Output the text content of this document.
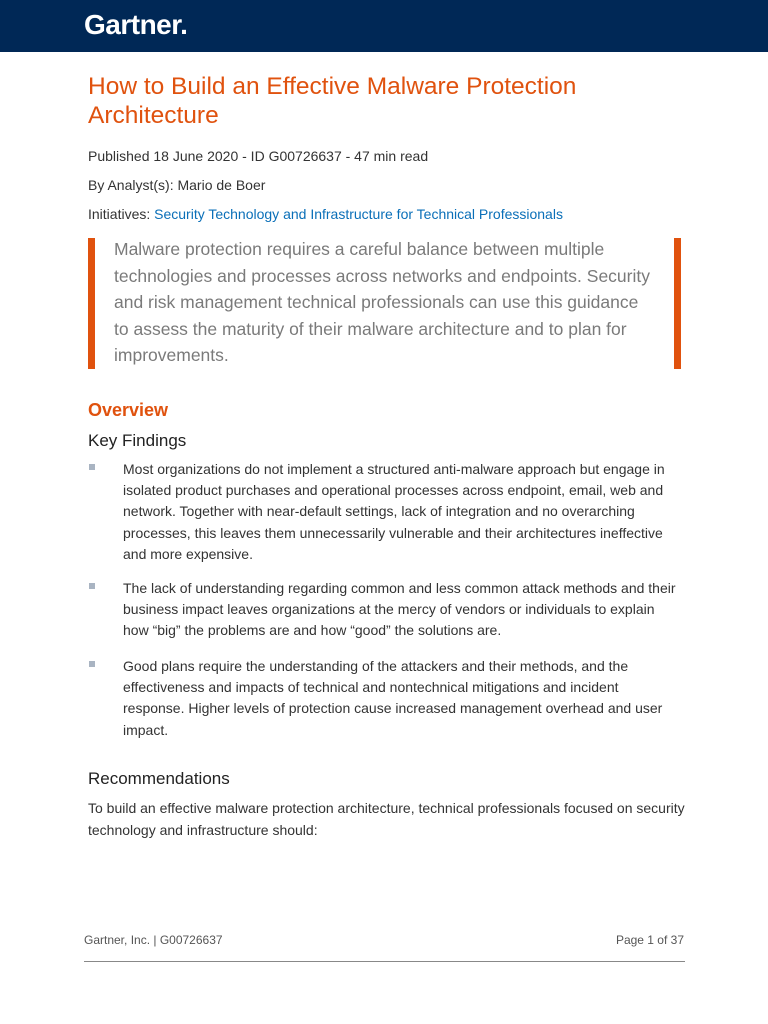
Gartner.
How to Build an Effective Malware Protection Architecture
Published 18 June 2020 - ID G00726637 - 47 min read
By Analyst(s): Mario de Boer
Initiatives: Security Technology and Infrastructure for Technical Professionals
Malware protection requires a careful balance between multiple technologies and processes across networks and endpoints. Security and risk management technical professionals can use this guidance to assess the maturity of their malware architecture and to plan for improvements.
Overview
Key Findings
Most organizations do not implement a structured anti-malware approach but engage in isolated product purchases and operational processes across endpoint, email, web and network. Together with near-default settings, lack of integration and no overarching processes, this leaves them unnecessarily vulnerable and their architectures ineffective and more expensive.
The lack of understanding regarding common and less common attack methods and their business impact leaves organizations at the mercy of vendors or individuals to explain how “big” the problems are and how “good” the solutions are.
Good plans require the understanding of the attackers and their methods, and the effectiveness and impacts of technical and nontechnical mitigations and incident response. Higher levels of protection cause increased management overhead and user impact.
Recommendations
To build an effective malware protection architecture, technical professionals focused on security technology and infrastructure should:
Gartner, Inc. | G00726637	Page 1 of 37
